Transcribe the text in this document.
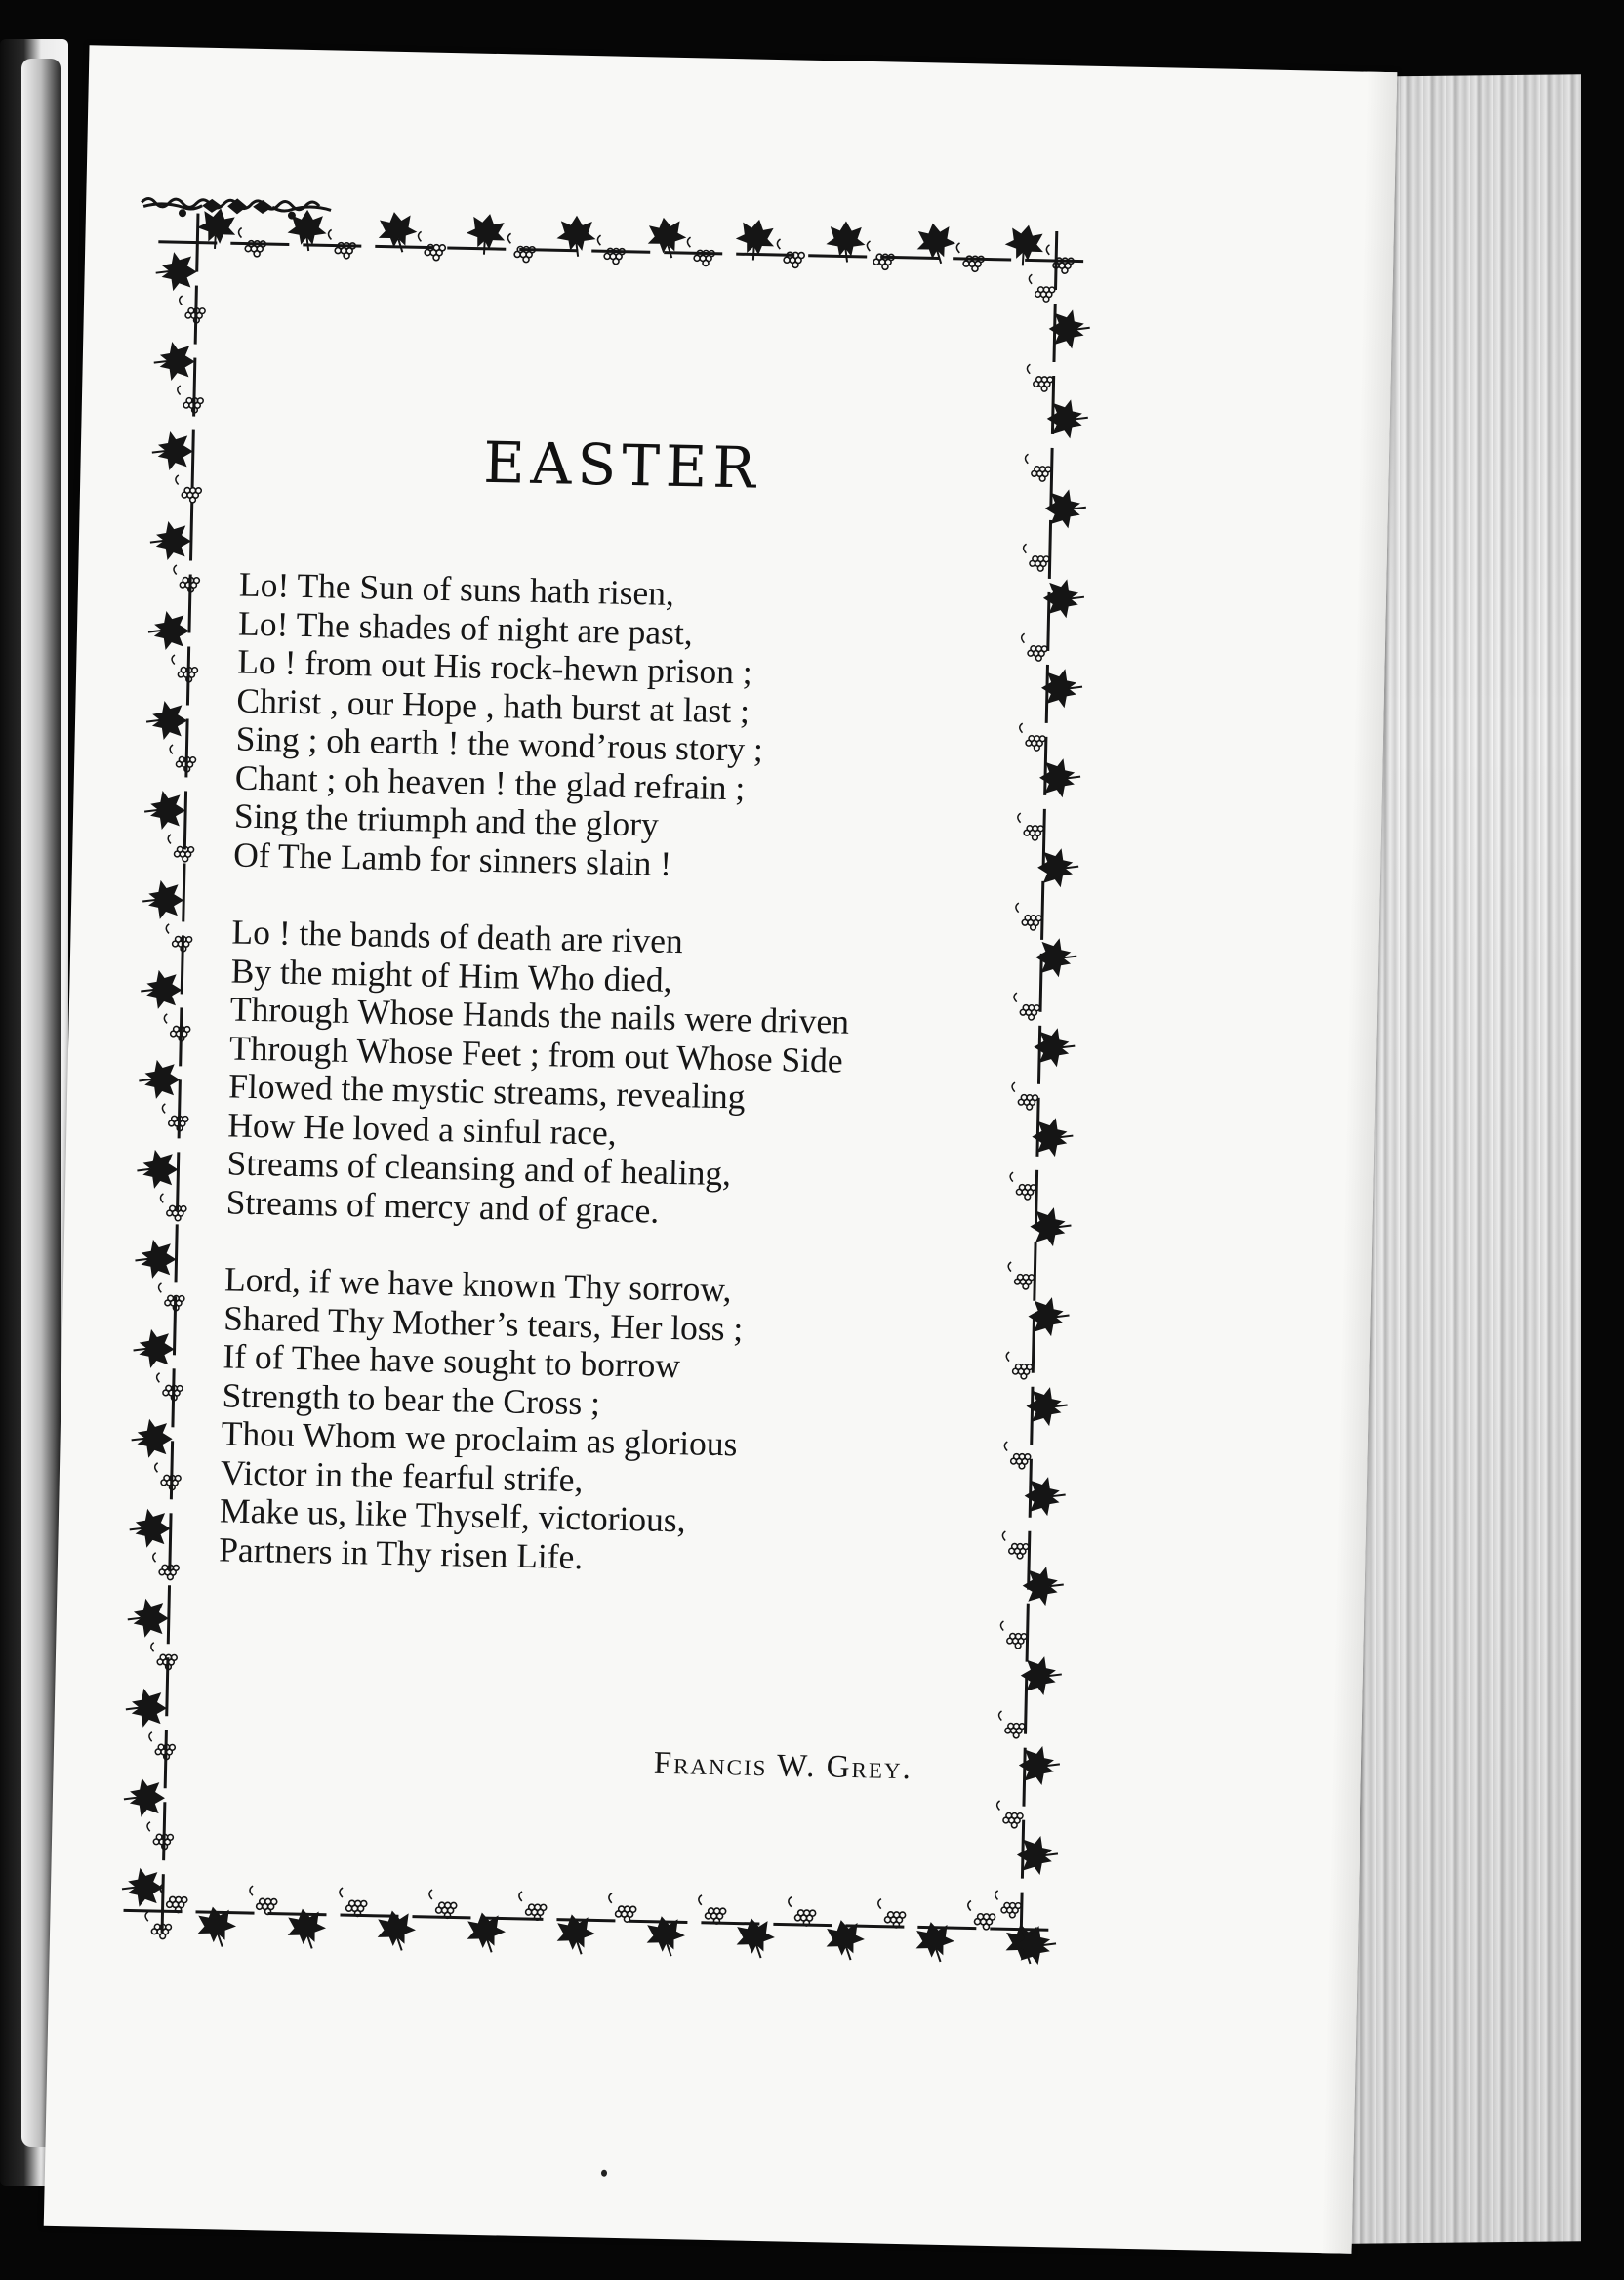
EASTER
Lo! The Sun of suns hath risen,
Lo! The shades of night are past,
Lo ! from out His rock-hewn prison ;
Christ , our Hope , hath burst at last ;
Sing ; oh earth ! the wond’rous story ;
Chant ; oh heaven ! the glad refrain ;
Sing the triumph and the glory
Of The Lamb for sinners slain !
Lo ! the bands of death are riven
By the might of Him Who died,
Through Whose Hands the nails were driven
Through Whose Feet ; from out Whose Side
Flowed the mystic streams, revealing
How He loved a sinful race,
Streams of cleansing and of healing,
Streams of mercy and of grace.
Lord, if we have known Thy sorrow,
Shared Thy Mother’s tears, Her loss ;
If of Thee have sought to borrow
Strength to bear the Cross ;
Thou Whom we proclaim as glorious
Victor in the fearful strife,
Make us, like Thyself, victorious,
Partners in Thy risen Life.
Francis W. Grey.
